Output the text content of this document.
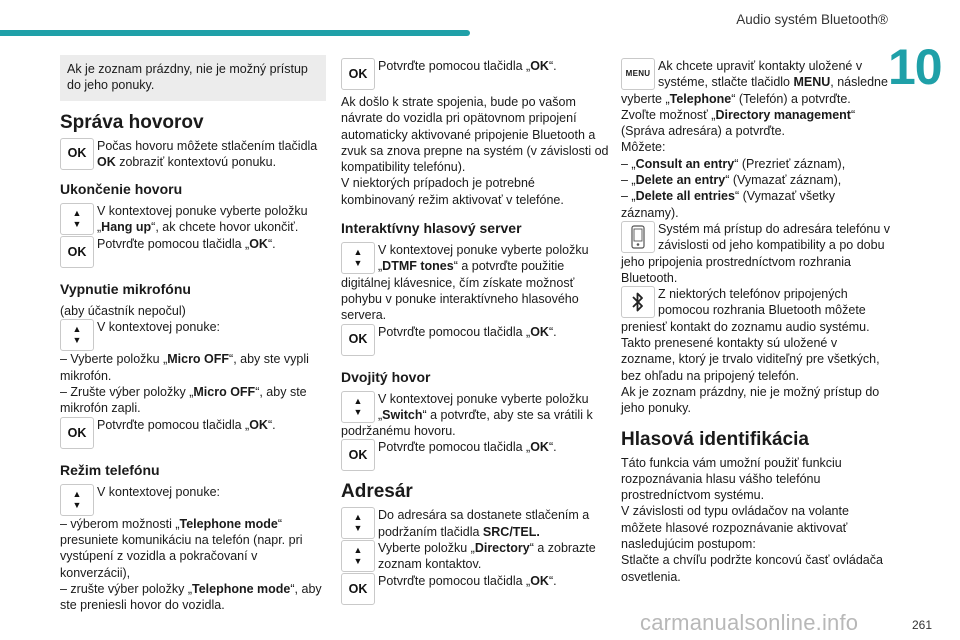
Audio systém Bluetooth®
10
Ak je zoznam prázdny, nie je možný prístup do jeho ponuky.
Správa hovorov
OK
Počas hovoru môžete stlačením tlačidla OK zobraziť kontextovú ponuku.
Ukončenie hovoru
▲
▼
OK
V kontextovej ponuke vyberte položku „Hang up“, ak chcete hovor ukončiť.
Potvrďte pomocou tlačidla „OK“.
Vypnutie mikrofónu
(aby účastník nepočul)
▲
▼
V kontextovej ponuke:
– Vyberte položku „Micro OFF“, aby ste vypli mikrofón.
– Zrušte výber položky „Micro OFF“, aby ste mikrofón zapli.
OK
Potvrďte pomocou tlačidla „OK“.
Režim telefónu
▲
▼
V kontextovej ponuke:
– výberom možnosti „Telephone mode“ presuniete komunikáciu na telefón (napr. pri vystúpení z vozidla a pokračovaní v konverzácii),
– zrušte výber položky „Telephone mode“, aby ste preniesli hovor do vozidla.
OK
Potvrďte pomocou tlačidla „OK“.
Ak došlo k strate spojenia, bude po vašom návrate do vozidla pri opätovnom pripojení automaticky aktivované pripojenie Bluetooth a zvuk sa znova prepne na systém (v závislosti od kompatibility telefónu).
V niektorých prípadoch je potrebné kombinovaný režim aktivovať v telefóne.
Interaktívny hlasový server
▲
▼
V kontextovej ponuke vyberte položku „DTMF tones“ a potvrďte použitie digitálnej klávesnice, čím získate možnosť pohybu v ponuke interaktívneho hlasového servera.
OK
Potvrďte pomocou tlačidla „OK“.
Dvojitý hovor
▲
▼
V kontextovej ponuke vyberte položku „Switch“ a potvrďte, aby ste sa vrátili k podržanému hovoru.
OK
Potvrďte pomocou tlačidla „OK“.
Adresár
▲
▼
▲
▼
OK
Do adresára sa dostanete stlačením a podržaním tlačidla SRC/TEL.
Vyberte položku „Directory“ a zobrazte zoznam kontaktov.
Potvrďte pomocou tlačidla „OK“.
MENU
Ak chcete upraviť kontakty uložené v systéme, stlačte tlačidlo MENU, následne vyberte „Telephone“ (Telefón) a potvrďte.
Zvoľte možnosť „Directory management“ (Správa adresára) a potvrďte.
Môžete:
– „Consult an entry“ (Prezrieť záznam),
– „Delete an entry“ (Vymazať záznam),
– „Delete all entries“ (Vymazať všetky záznamy).
Systém má prístup do adresára telefónu v závislosti od jeho kompatibility a po dobu jeho pripojenia prostredníctvom rozhrania Bluetooth.
Z niektorých telefónov pripojených pomocou rozhrania Bluetooth môžete preniesť kontakt do zoznamu audio systému.
Takto prenesené kontakty sú uložené v zozname, ktorý je trvalo viditeľný pre všetkých, bez ohľadu na pripojený telefón.
Ak je zoznam prázdny, nie je možný prístup do jeho ponuky.
Hlasová identifikácia
Táto funkcia vám umožní použiť funkciu rozpoznávania hlasu vášho telefónu prostredníctvom systému.
V závislosti od typu ovládačov na volante môžete hlasové rozpoznávanie aktivovať nasledujúcim postupom:
Stlačte a chvíľu podržte koncovú časť ovládača osvetlenia.
carmanualsonline.info	261
